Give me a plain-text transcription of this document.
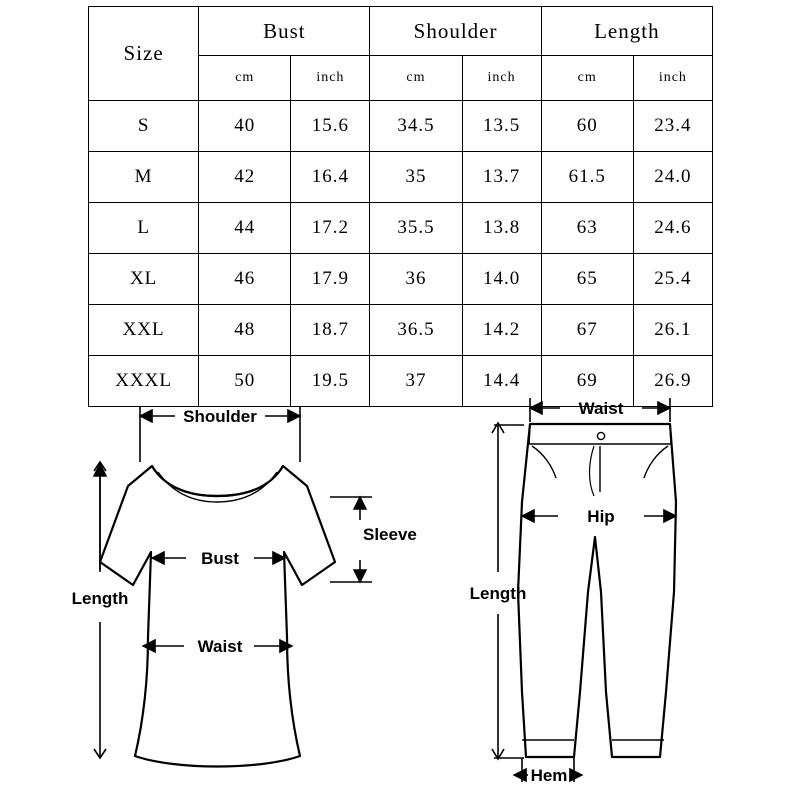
Size	Bust		Shoulder		Length	
	cm	inch	cm	inch	cm	inch
S	40	15.6	34.5	13.5	60	23.4
M	42	16.4	35	13.7	61.5	24.0
L	44	17.2	35.5	13.8	63	24.6
XL	46	17.9	36	14.0	65	25.4
XXL	48	18.7	36.5	14.2	67	26.1
XXXL	50	19.5	37	14.4	69	26.9
Shoulder
Sleeve
Bust
Waist
Length
Waist
Hip
Length
Hem
